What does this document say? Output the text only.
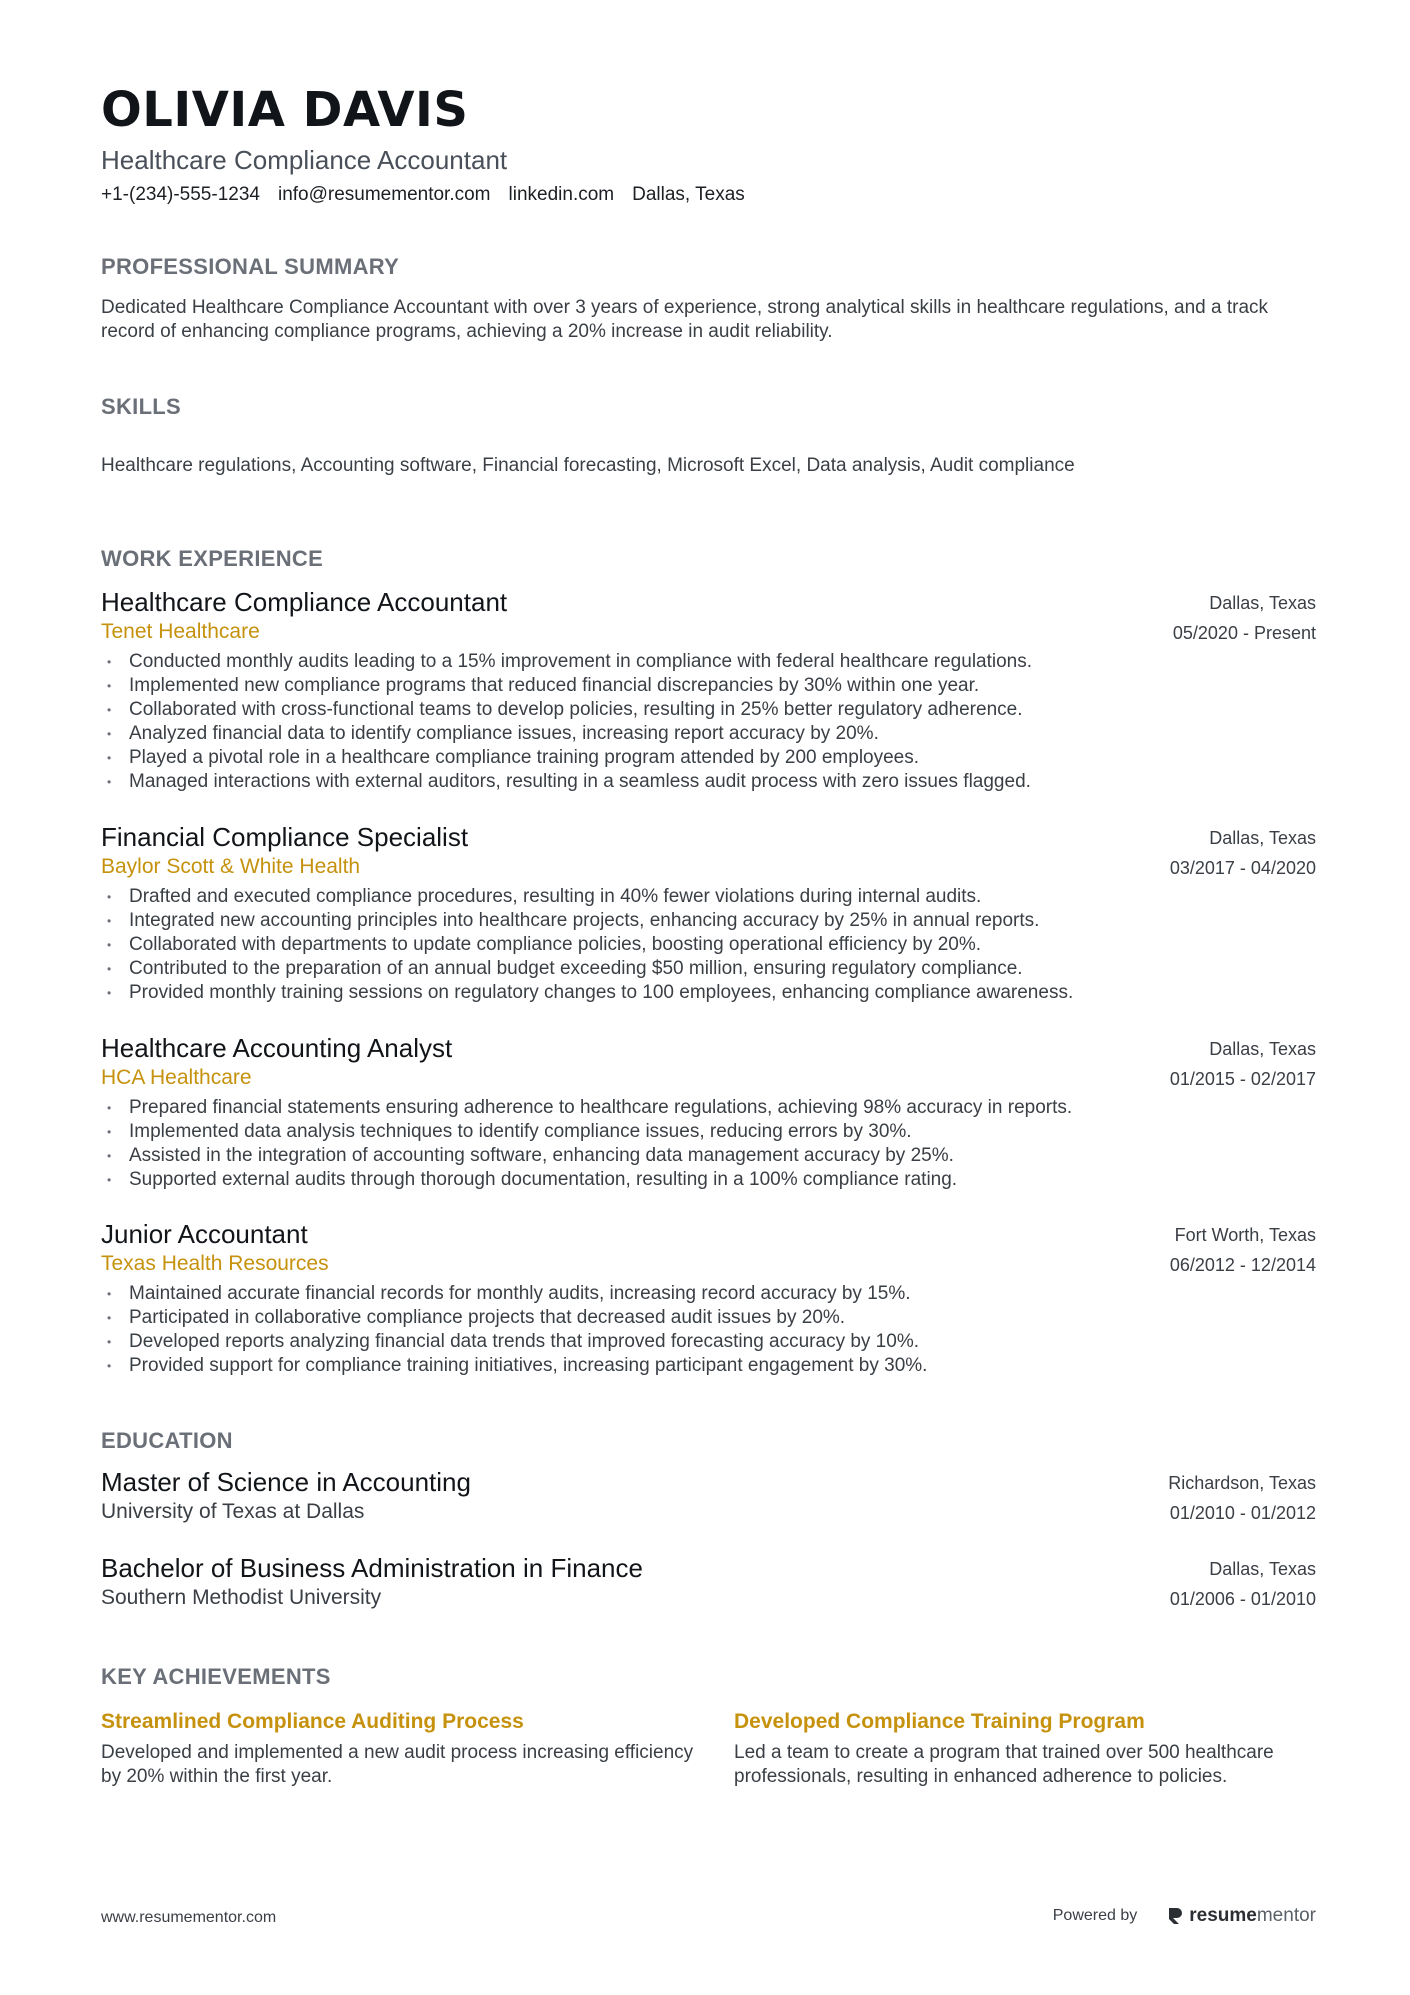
OLIVIA DAVIS
Healthcare Compliance Accountant
+1-(234)-555-1234 info@resumementor.com linkedin.com Dallas, Texas
PROFESSIONAL SUMMARY
Dedicated Healthcare Compliance Accountant with over 3 years of experience, strong analytical skills in healthcare regulations, and a track record of enhancing compliance programs, achieving a 20% increase in audit reliability.
SKILLS
Healthcare regulations, Accounting software, Financial forecasting, Microsoft Excel, Data analysis, Audit compliance
WORK EXPERIENCE
Healthcare Compliance Accountant
Tenet Healthcare
Dallas, Texas
05/2020 - Present
• Conducted monthly audits leading to a 15% improvement in compliance with federal healthcare regulations.
• Implemented new compliance programs that reduced financial discrepancies by 30% within one year.
• Collaborated with cross-functional teams to develop policies, resulting in 25% better regulatory adherence.
• Analyzed financial data to identify compliance issues, increasing report accuracy by 20%.
• Played a pivotal role in a healthcare compliance training program attended by 200 employees.
• Managed interactions with external auditors, resulting in a seamless audit process with zero issues flagged.
Financial Compliance Specialist
Baylor Scott & White Health
Dallas, Texas
03/2017 - 04/2020
• Drafted and executed compliance procedures, resulting in 40% fewer violations during internal audits.
• Integrated new accounting principles into healthcare projects, enhancing accuracy by 25% in annual reports.
• Collaborated with departments to update compliance policies, boosting operational efficiency by 20%.
• Contributed to the preparation of an annual budget exceeding $50 million, ensuring regulatory compliance.
• Provided monthly training sessions on regulatory changes to 100 employees, enhancing compliance awareness.
Healthcare Accounting Analyst
HCA Healthcare
Dallas, Texas
01/2015 - 02/2017
• Prepared financial statements ensuring adherence to healthcare regulations, achieving 98% accuracy in reports.
• Implemented data analysis techniques to identify compliance issues, reducing errors by 30%.
• Assisted in the integration of accounting software, enhancing data management accuracy by 25%.
• Supported external audits through thorough documentation, resulting in a 100% compliance rating.
Junior Accountant
Texas Health Resources
Fort Worth, Texas
06/2012 - 12/2014
• Maintained accurate financial records for monthly audits, increasing record accuracy by 15%.
• Participated in collaborative compliance projects that decreased audit issues by 20%.
• Developed reports analyzing financial data trends that improved forecasting accuracy by 10%.
• Provided support for compliance training initiatives, increasing participant engagement by 30%.
EDUCATION
Master of Science in Accounting
University of Texas at Dallas
Richardson, Texas
01/2010 - 01/2012
Bachelor of Business Administration in Finance
Southern Methodist University
Dallas, Texas
01/2006 - 01/2010
KEY ACHIEVEMENTS
Streamlined Compliance Auditing Process
Developed and implemented a new audit process increasing efficiency by 20% within the first year.
Developed Compliance Training Program
Led a team to create a program that trained over 500 healthcare professionals, resulting in enhanced adherence to policies.
www.resumementor.com	Powered by	resumementor
